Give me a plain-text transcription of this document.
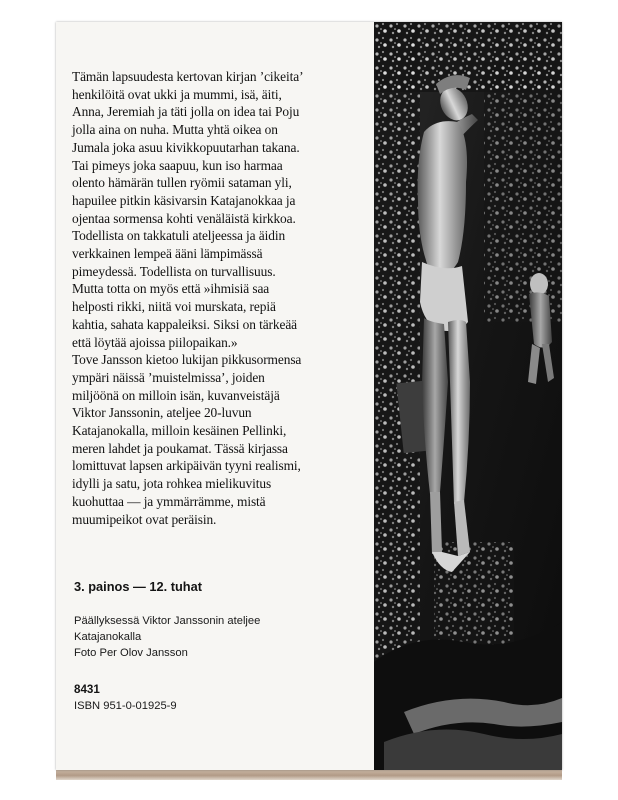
Tämän lapsuudesta kertovan kirjan ’cikeita’
henkilöitä ovat ukki ja mummi, isä, äiti,
Anna, Jeremiah ja täti jolla on idea tai Poju
jolla aina on nuha. Mutta yhtä oikea on
Jumala joka asuu kivikkopuutarhan takana.
Tai pimeys joka saapuu, kun iso harmaa
olento hämärän tullen ryömii sataman yli,
hapuilee pitkin käsivarsin Katajanokkaa ja
ojentaa sormensa kohti venäläistä kirkkoa.
Todellista on takkatuli ateljeessa ja äidin
verkkainen lempeä ääni lämpimässä
pimeydessä. Todellista on turvallisuus.
Mutta totta on myös että »ihmisiä saa
helposti rikki, niitä voi murskata, repiä
kahtia, sahata kappaleiksi. Siksi on tärkeää
että löytää ajoissa piilopaikan.»
Tove Jansson kietoo lukijan pikkusormensa
ympäri näissä ’muistelmissa’, joiden
miljöönä on milloin isän, kuvanveistäjä
Viktor Janssonin, ateljee 20-luvun
Katajanokalla, milloin kesäinen Pellinki,
meren lahdet ja poukamat. Tässä kirjassa
lomittuvat lapsen arkipäivän tyyni realismi,
idylli ja satu, jota rohkea mielikuvitus
kuohuttaa — ja ymmärrämme, mistä
muumipeikot ovat peräisin.

3. painos — 12. tuhat
Päällyksessä Viktor Janssonin ateljee
Katajanokalla
Foto Per Olov Jansson
8431
ISBN 951-0-01925-9
